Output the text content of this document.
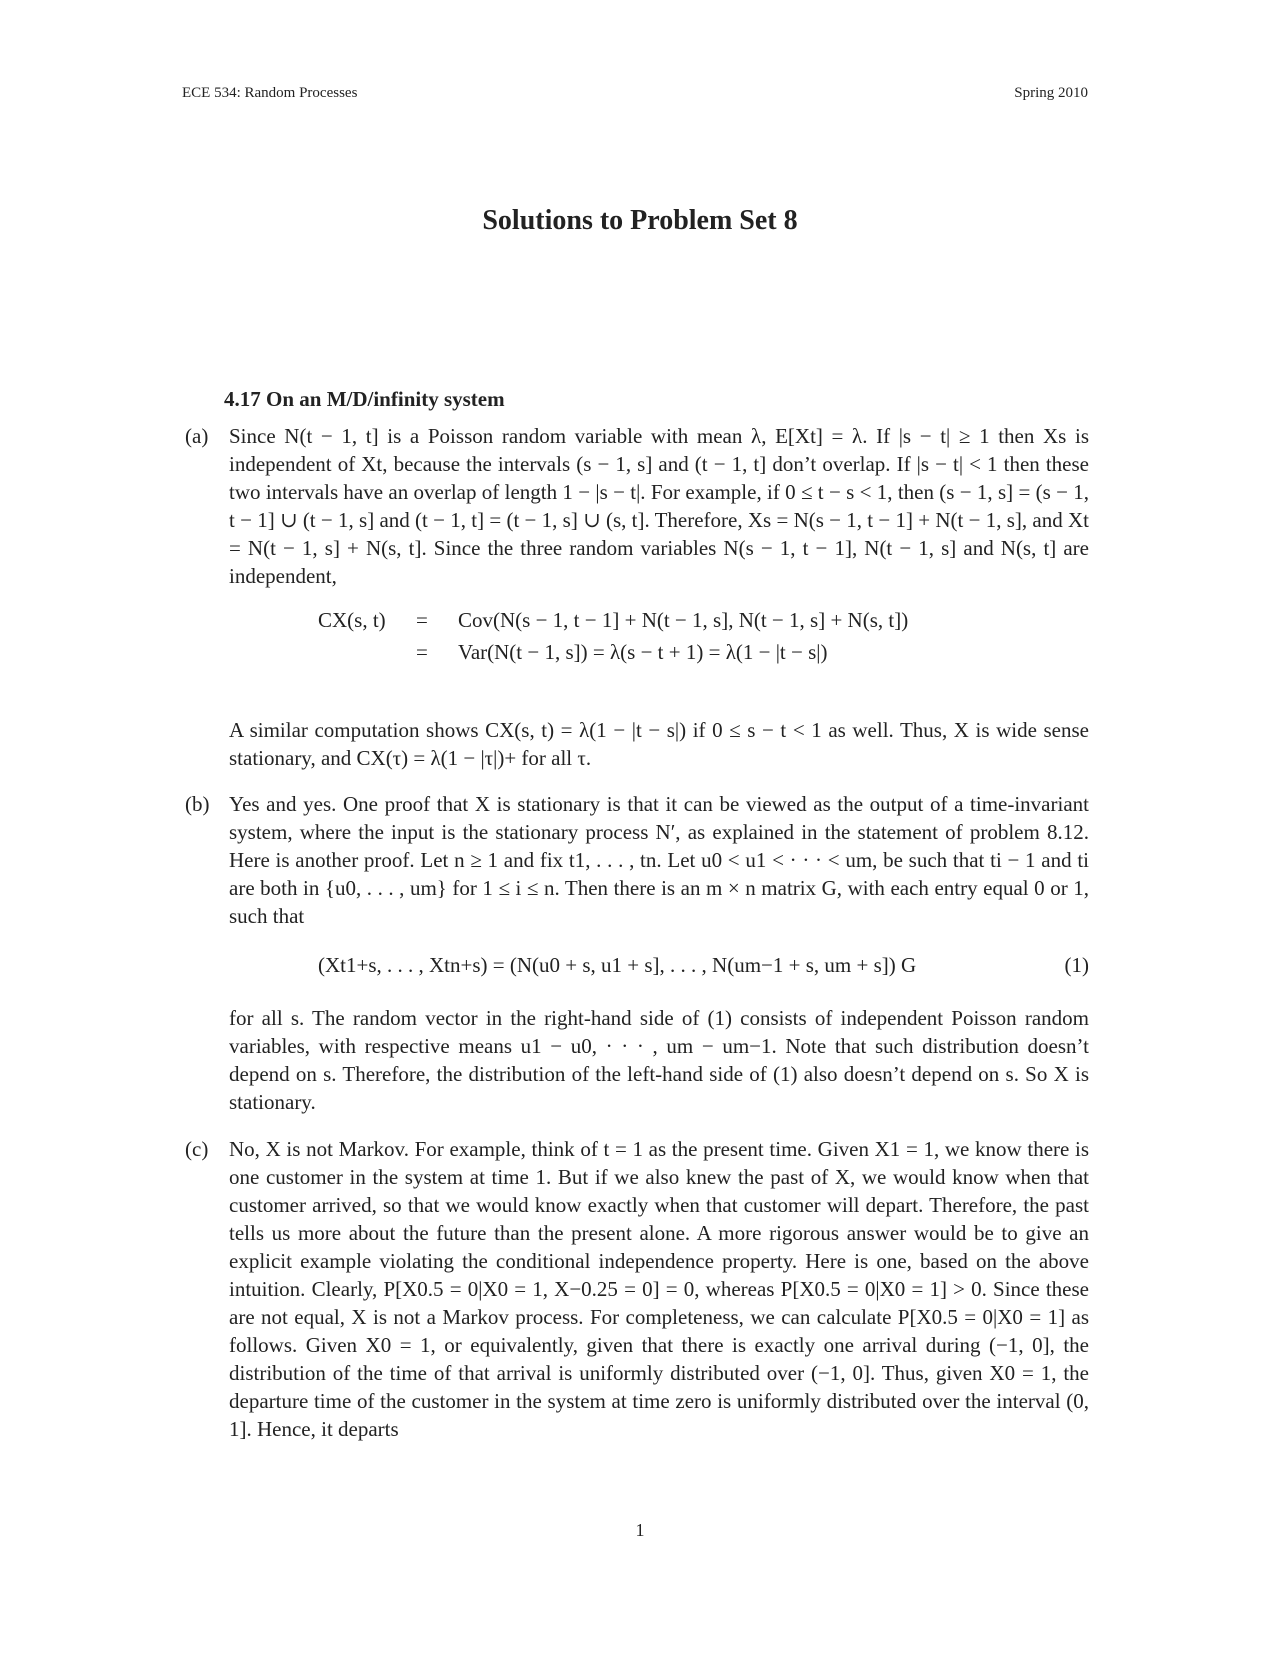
ECE 534: Random Processes	Spring 2010
Solutions to Problem Set 8
4.17 On an M/D/infinity system
(a) Since N(t − 1, t] is a Poisson random variable with mean λ, E[Xt] = λ. If |s − t| ≥ 1 then Xs is independent of Xt, because the intervals (s − 1, s] and (t − 1, t] don’t overlap. If |s − t| < 1 then these two intervals have an overlap of length 1 − |s − t|. For example, if 0 ≤ t − s < 1, then (s − 1, s] = (s − 1, t − 1] ∪ (t − 1, s] and (t − 1, t] = (t − 1, s] ∪ (s, t]. Therefore, Xs = N(s − 1, t − 1] + N(t − 1, s], and Xt = N(t − 1, s] + N(s, t]. Since the three random variables N(s − 1, t − 1], N(t − 1, s] and N(s, t] are independent,
CX(s, t) = Cov(N(s − 1, t − 1] + N(t − 1, s], N(t − 1, s] + N(s, t])
= Var(N(t − 1, s]) = λ(s − t + 1) = λ(1 − |t − s|)
A similar computation shows CX(s, t) = λ(1 − |t − s|) if 0 ≤ s − t < 1 as well. Thus, X is wide sense stationary, and CX(τ) = λ(1 − |τ|)+ for all τ.
(b) Yes and yes. One proof that X is stationary is that it can be viewed as the output of a time-invariant system, where the input is the stationary process N′, as explained in the statement of problem 8.12. Here is another proof. Let n ≥ 1 and fix t1, . . . , tn. Let u0 < u1 < · · · < um, be such that ti − 1 and ti are both in {u0, . . . , um} for 1 ≤ i ≤ n. Then there is an m × n matrix G, with each entry equal 0 or 1, such that
(Xt1+s, . . . , Xtn+s) = (N(u0 + s, u1 + s], . . . , N(um−1 + s, um + s]) G	(1)
for all s. The random vector in the right-hand side of (1) consists of independent Poisson random variables, with respective means u1 − u0, · · · , um − um−1. Note that such distribution doesn’t depend on s. Therefore, the distribution of the left-hand side of (1) also doesn’t depend on s. So X is stationary.
(c) No, X is not Markov. For example, think of t = 1 as the present time. Given X1 = 1, we know there is one customer in the system at time 1. But if we also knew the past of X, we would know when that customer arrived, so that we would know exactly when that customer will depart. Therefore, the past tells us more about the future than the present alone. A more rigorous answer would be to give an explicit example violating the conditional independence property. Here is one, based on the above intuition. Clearly, P[X0.5 = 0|X0 = 1, X−0.25 = 0] = 0, whereas P[X0.5 = 0|X0 = 1] > 0. Since these are not equal, X is not a Markov process. For completeness, we can calculate P[X0.5 = 0|X0 = 1] as follows. Given X0 = 1, or equivalently, given that there is exactly one arrival during (−1, 0], the distribution of the time of that arrival is uniformly distributed over (−1, 0]. Thus, given X0 = 1, the departure time of the customer in the system at time zero is uniformly distributed over the interval (0, 1]. Hence, it departs
1
